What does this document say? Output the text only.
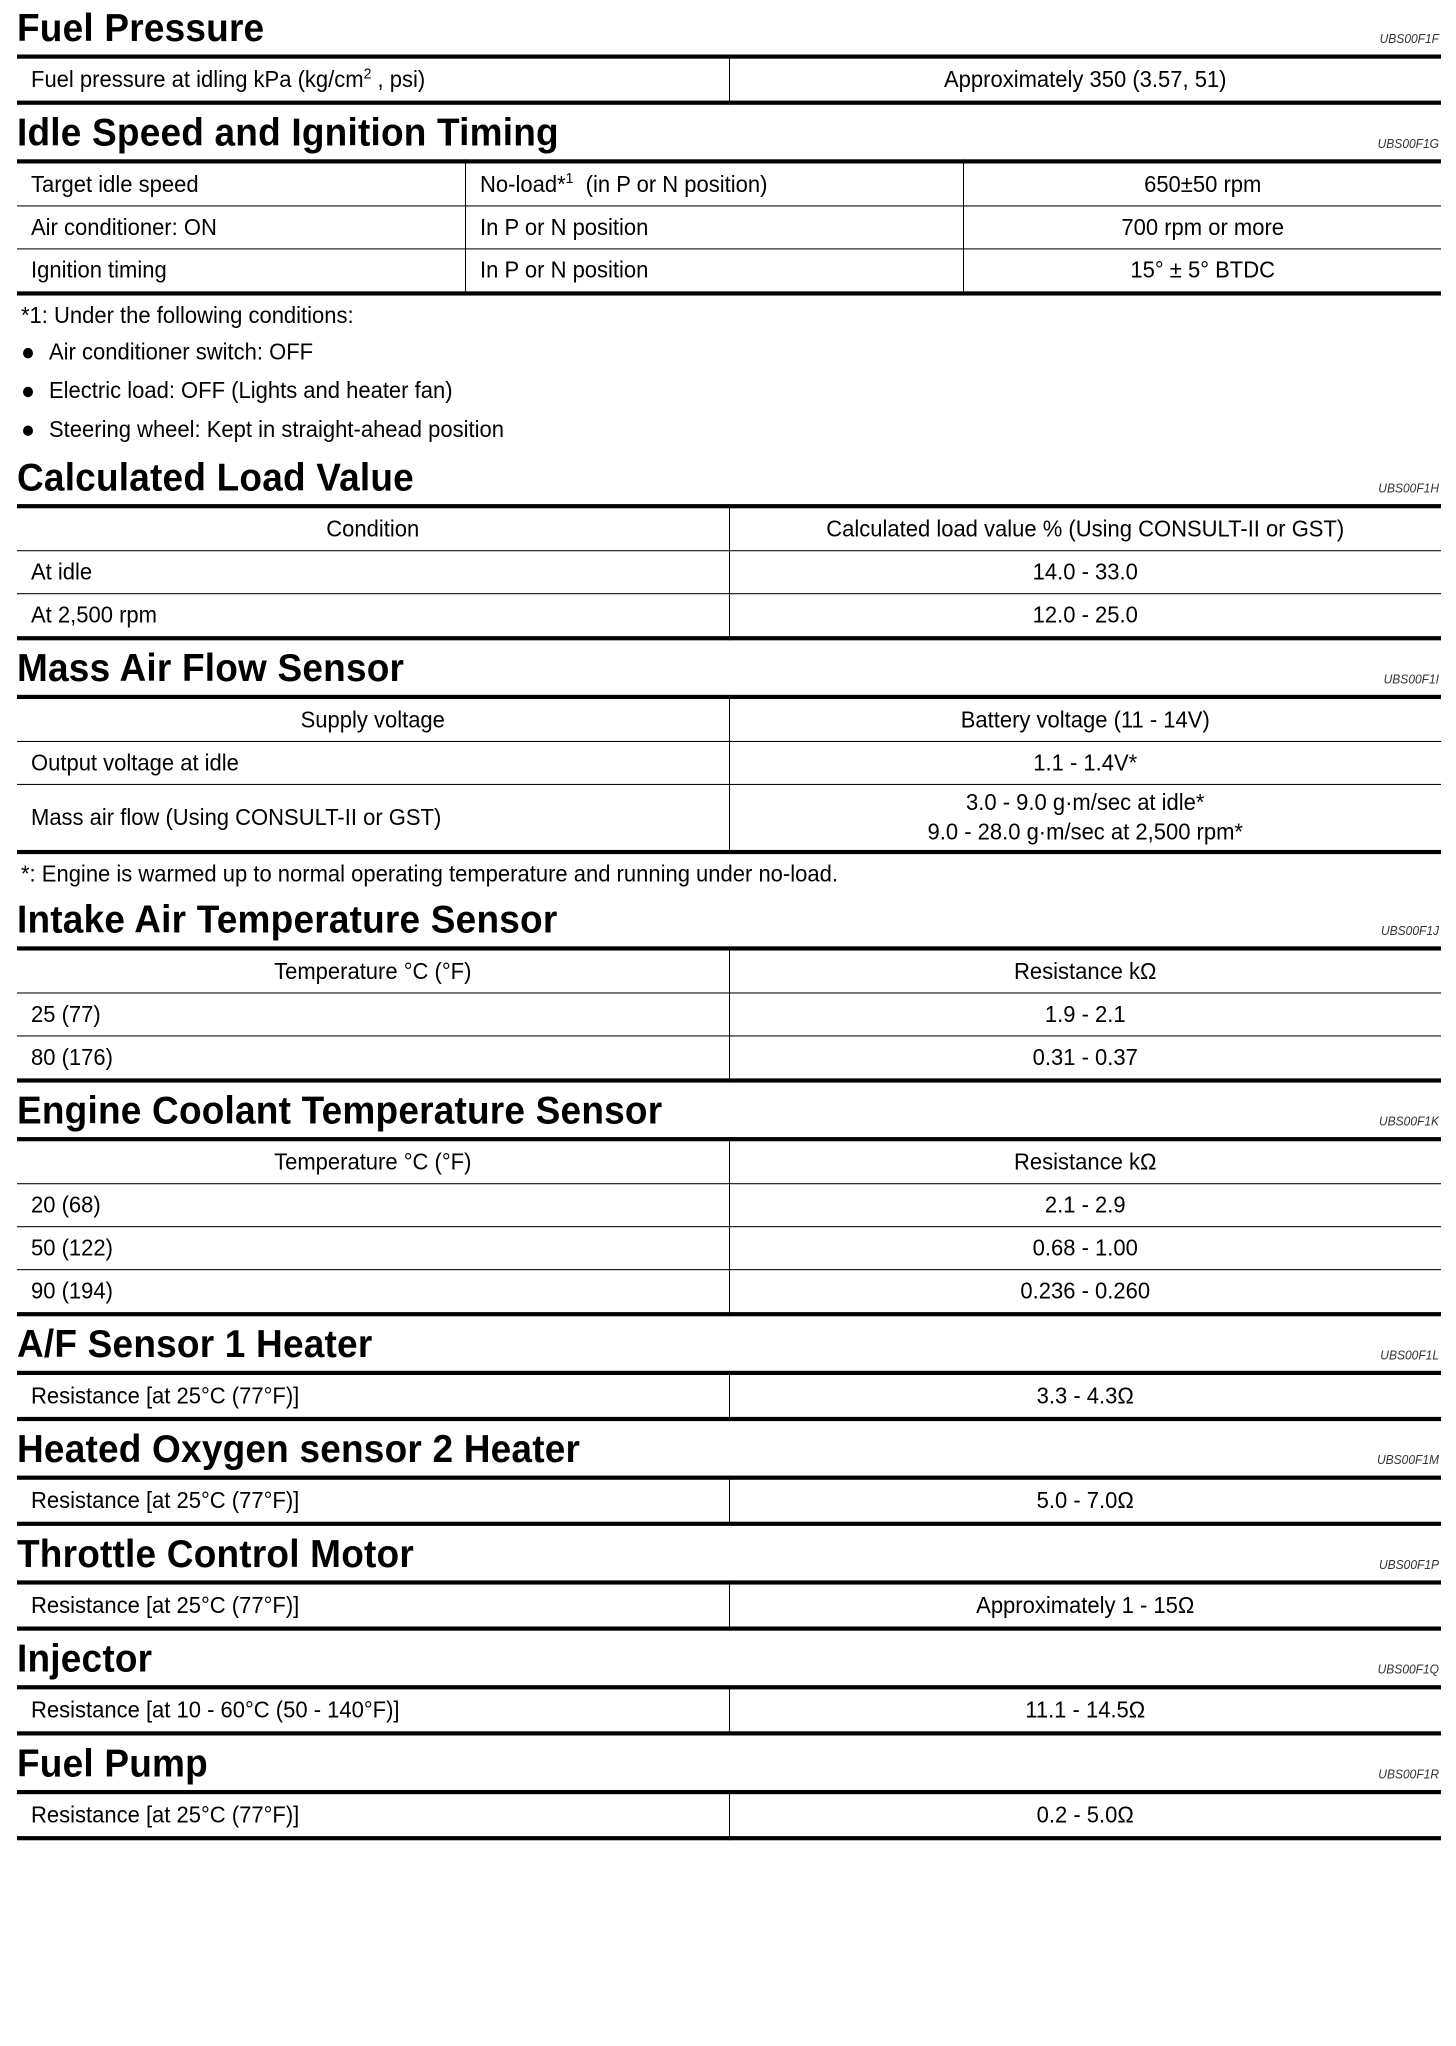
Fuel Pressure	UBS00F1F
Fuel pressure at idling kPa ($kg/cm^2$ , psi)	Approximately 350 (3.57, 51)
Idle Speed and Ignition Timing	UBS00F1G
Target idle speed	No-load*$^1$  (in P or N position)	650±50 rpm
Air conditioner: ON	In P or N position	700 rpm or more
Ignition timing	In P or N position	15° ± 5° BTDC
*1: Under the following conditions:
Air conditioner switch: OFF
Electric load: OFF (Lights and heater fan)
Steering wheel: Kept in straight-ahead position
Calculated Load Value	UBS00F1H
Condition	Calculated load value % (Using CONSULT-II or GST)
At idle	14.0 - 33.0
At 2,500 rpm	12.0 - 25.0
Mass Air Flow Sensor	UBS00F1I
Supply voltage	Battery voltage (11 - 14V)
Output voltage at idle	1.1 - 1.4V*
Mass air flow (Using CONSULT-II or GST)	3.0 - 9.0 g·m/sec at idle*
9.0 - 28.0 g·m/sec at 2,500 rpm*
*: Engine is warmed up to normal operating temperature and running under no-load.
Intake Air Temperature Sensor	UBS00F1J
Temperature °C (°F)	Resistance kΩ
25 (77)	1.9 - 2.1
80 (176)	0.31 - 0.37
Engine Coolant Temperature Sensor	UBS00F1K
Temperature °C (°F)	Resistance kΩ
20 (68)	2.1 - 2.9
50 (122)	0.68 - 1.00
90 (194)	0.236 - 0.260
A/F Sensor 1 Heater	UBS00F1L
Resistance [at 25°C (77°F)]	3.3 - 4.3Ω
Heated Oxygen sensor 2 Heater	UBS00F1M
Resistance [at 25°C (77°F)]	5.0 - 7.0Ω
Throttle Control Motor	UBS00F1P
Resistance [at 25°C (77°F)]	Approximately 1 - 15Ω
Injector	UBS00F1Q
Resistance [at 10 - 60°C (50 - 140°F)]	11.1 - 14.5Ω
Fuel Pump	UBS00F1R
Resistance [at 25°C (77°F)]	0.2 - 5.0Ω
